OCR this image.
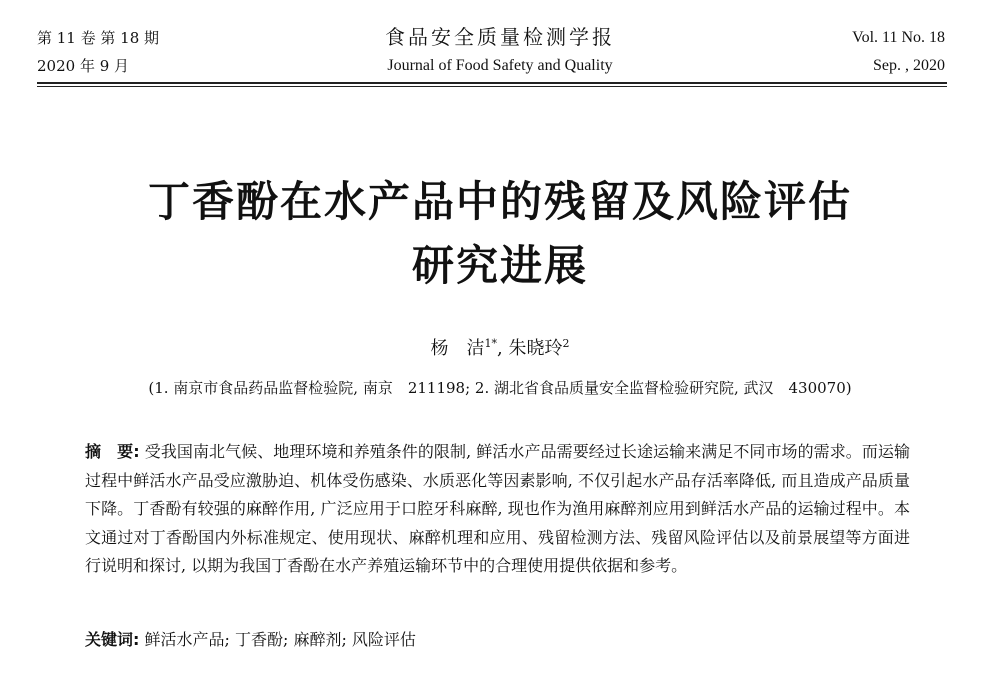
第 11 卷 第 18 期
2020 年 9 月
食品安全质量检测学报
Journal of Food Safety and Quality
Vol. 11 No. 18
Sep. , 2020
丁香酚在水产品中的残留及风险评估
研究进展
杨　洁$^{1*}$, 朱晓玲$^2$
(1. 南京市食品药品监督检验院, 南京　211198; 2. 湖北省食品质量安全监督检验研究院, 武汉　430070)
摘　要: 受我国南北气候、地理环境和养殖条件的限制, 鲜活水产品需要经过长途运输来满足不同市场的需求。而运输过程中鲜活水产品受应激胁迫、机体受伤感染、水质恶化等因素影响, 不仅引起水产品存活率降低, 而且造成产品质量下降。丁香酚有较强的麻醉作用, 广泛应用于口腔牙科麻醉, 现也作为渔用麻醉剂应用到鲜活水产品的运输过程中。本文通过对丁香酚国内外标准规定、使用现状、麻醉机理和应用、残留检测方法、残留风险评估以及前景展望等方面进行说明和探讨, 以期为我国丁香酚在水产养殖运输环节中的合理使用提供依据和参考。
关键词: 鲜活水产品; 丁香酚; 麻醉剂; 风险评估
